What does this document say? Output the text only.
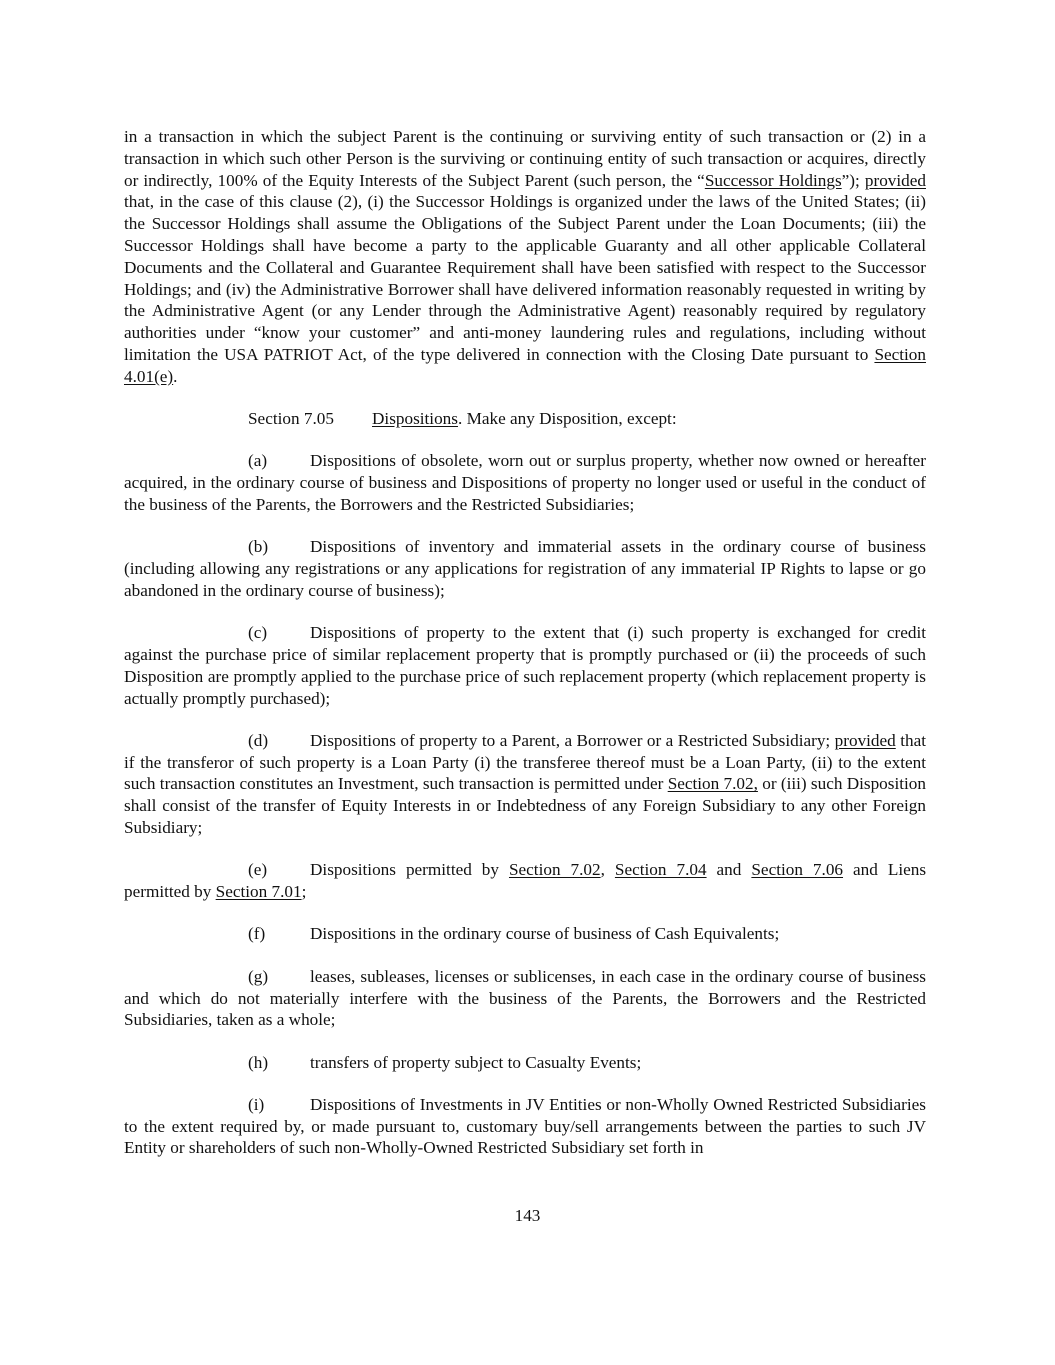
in a transaction in which the subject Parent is the continuing or surviving entity of such transaction or (2) in a transaction in which such other Person is the surviving or continuing entity of such transaction or acquires, directly or indirectly, 100% of the Equity Interests of the Subject Parent (such person, the “Successor Holdings”); provided that, in the case of this clause (2), (i) the Successor Holdings is organized under the laws of the United States; (ii) the Successor Holdings shall assume the Obligations of the Subject Parent under the Loan Documents; (iii) the Successor Holdings shall have become a party to the applicable Guaranty and all other applicable Collateral Documents and the Collateral and Guarantee Requirement shall have been satisfied with respect to the Successor Holdings; and (iv) the Administrative Borrower shall have delivered information reasonably requested in writing by the Administrative Agent (or any Lender through the Administrative Agent) reasonably required by regulatory authorities under “know your customer” and anti-money laundering rules and regulations, including without limitation the USA PATRIOT Act, of the type delivered in connection with the Closing Date pursuant to Section 4.01(e).

Section 7.05 Dispositions. Make any Disposition, except:

(a) Dispositions of obsolete, worn out or surplus property, whether now owned or hereafter acquired, in the ordinary course of business and Dispositions of property no longer used or useful in the conduct of the business of the Parents, the Borrowers and the Restricted Subsidiaries;

(b) Dispositions of inventory and immaterial assets in the ordinary course of business (including allowing any registrations or any applications for registration of any immaterial IP Rights to lapse or go abandoned in the ordinary course of business);

(c) Dispositions of property to the extent that (i) such property is exchanged for credit against the purchase price of similar replacement property that is promptly purchased or (ii) the proceeds of such Disposition are promptly applied to the purchase price of such replacement property (which replacement property is actually promptly purchased);

(d) Dispositions of property to a Parent, a Borrower or a Restricted Subsidiary; provided that if the transferor of such property is a Loan Party (i) the transferee thereof must be a Loan Party, (ii) to the extent such transaction constitutes an Investment, such transaction is permitted under Section 7.02, or (iii) such Disposition shall consist of the transfer of Equity Interests in or Indebtedness of any Foreign Subsidiary to any other Foreign Subsidiary;

(e) Dispositions permitted by Section 7.02, Section 7.04 and Section 7.06 and Liens permitted by Section 7.01;

(f)	Dispositions in the ordinary course of business of Cash Equivalents;

(g) leases, subleases, licenses or sublicenses, in each case in the ordinary course of business and which do not materially interfere with the business of the Parents, the Borrowers and the Restricted Subsidiaries, taken as a whole;

(h) transfers of property subject to Casualty Events;

(i)	Dispositions of Investments in JV Entities or non-Wholly Owned Restricted Subsidiaries to the extent required by, or made pursuant to, customary buy/sell arrangements between the parties to such JV Entity or shareholders of such non-Wholly-Owned Restricted Subsidiary set forth in

143
